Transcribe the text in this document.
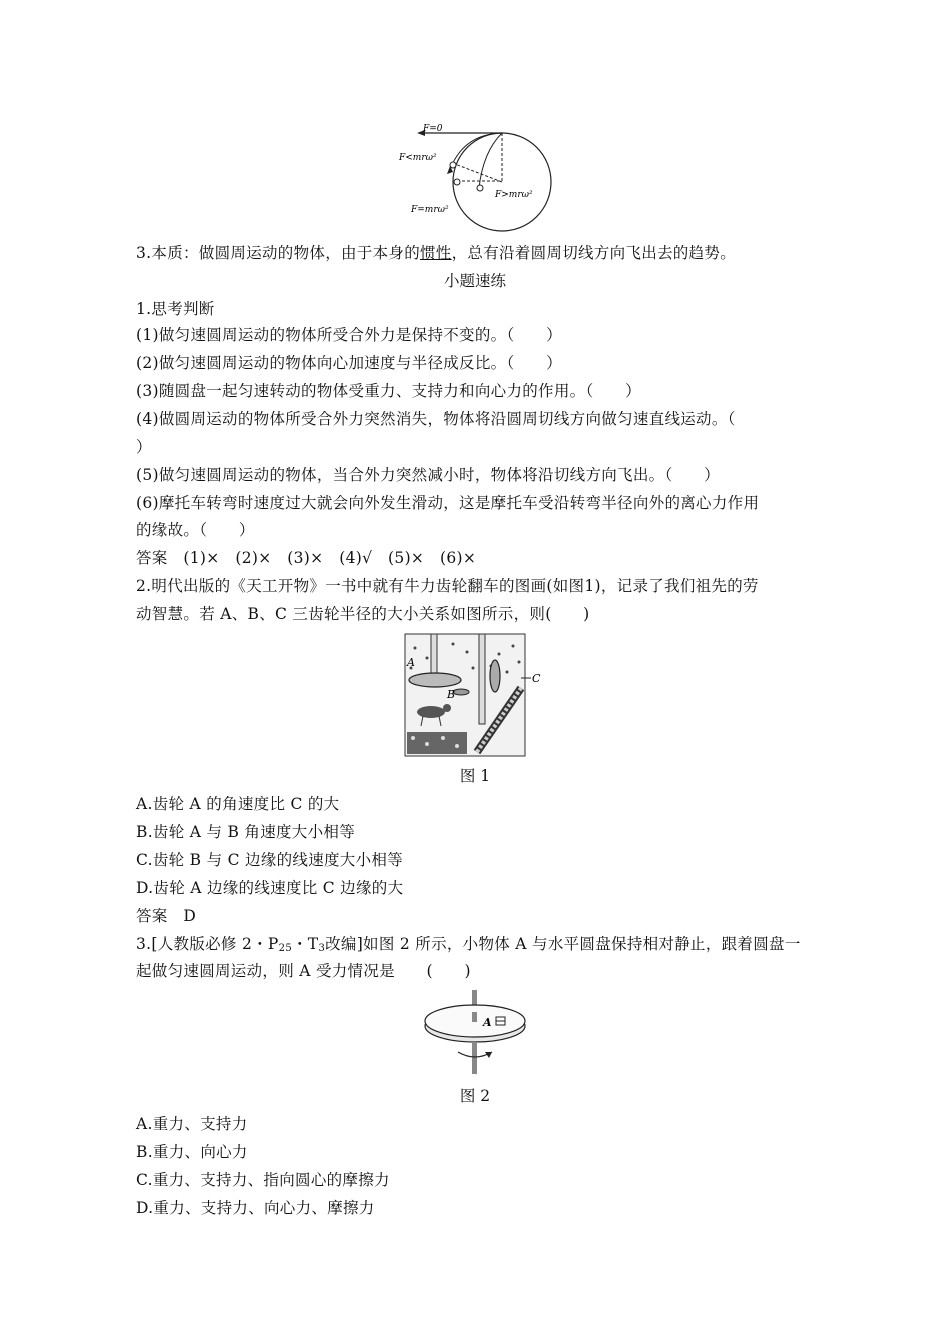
F=0
F<mrω²
F>mrω²
F=mrω²
3.本质：做圆周运动的物体，由于本身的惯性，总有沿着圆周切线方向飞出去的趋势。
小题速练
1.思考判断
(1)做匀速圆周运动的物体所受合外力是保持不变的。（　　）
(2)做匀速圆周运动的物体向心加速度与半径成反比。（　　）
(3)随圆盘一起匀速转动的物体受重力、支持力和向心力的作用。（　　）
(4)做圆周运动的物体所受合外力突然消失，物体将沿圆周切线方向做匀速直线运动。（
）
(5)做匀速圆周运动的物体，当合外力突然减小时，物体将沿切线方向飞出。（　　）
(6)摩托车转弯时速度过大就会向外发生滑动，这是摩托车受沿转弯半径向外的离心力作用
的缘故。（　　）
答案　(1)×　(2)×　(3)×　(4)√　(5)×　(6)×
2.明代出版的《天工开物》一书中就有牛力齿轮翻车的图画(如图1)，记录了我们祖先的劳
动智慧。若 A、B、C 三齿轮半径的大小关系如图所示，则(　　)
A
B
C
图 1
A.齿轮 A 的角速度比 C 的大
B.齿轮 A 与 B 角速度大小相等
C.齿轮 B 与 C 边缘的线速度大小相等
D.齿轮 A 边缘的线速度比 C 边缘的大
答案　D
3.[人教版必修 2・$P_{25}$・$T_3$改编]如图 2 所示，小物体 A 与水平圆盘保持相对静止，跟着圆盘一
起做匀速圆周运动，则 A 受力情况是　　(　　)
A
图 2
A.重力、支持力
B.重力、向心力
C.重力、支持力、指向圆心的摩擦力
D.重力、支持力、向心力、摩擦力
